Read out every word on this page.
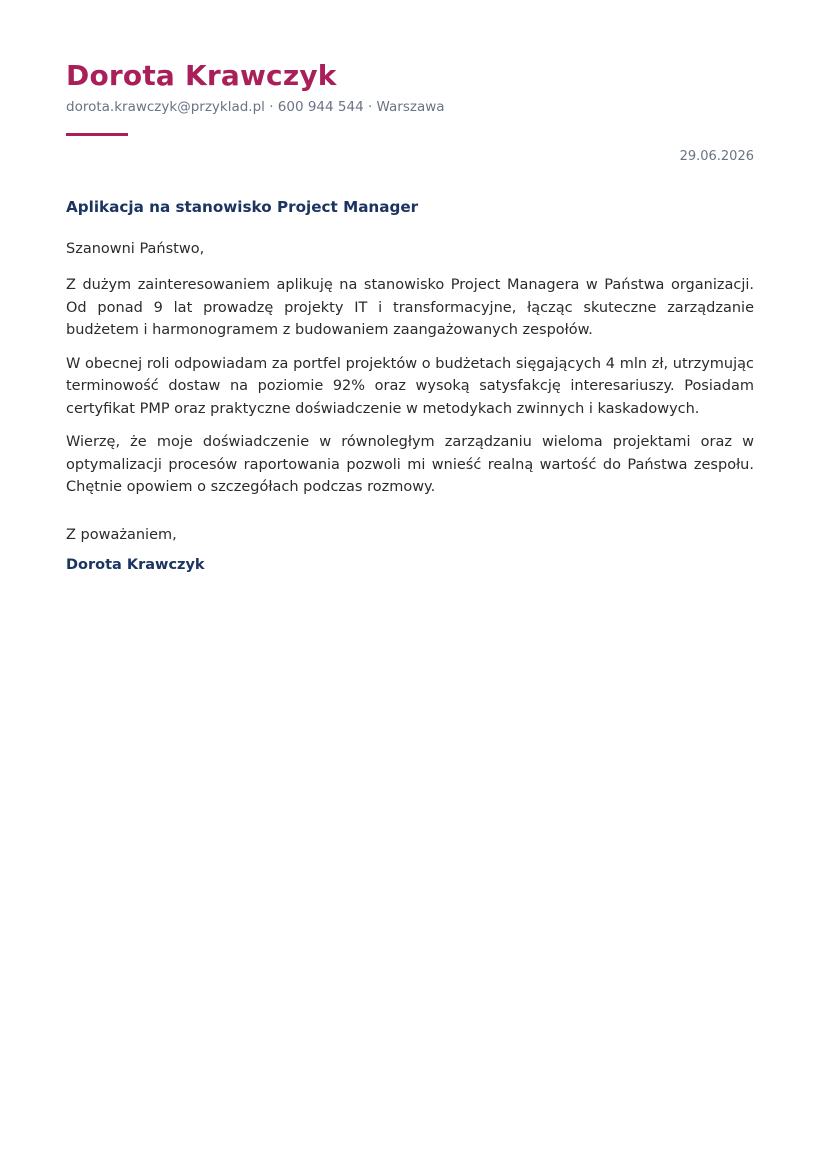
Dorota Krawczyk
dorota.krawczyk@przyklad.pl · 600 944 544 · Warszawa
29.06.2026
Aplikacja na stanowisko Project Manager
Szanowni Państwo,

Z dużym zainteresowaniem aplikuję na stanowisko Project Managera w Państwa organizacji. Od ponad 9 lat prowadzę projekty IT i transformacyjne, łącząc skuteczne zarządzanie budżetem i harmonogramem z budowaniem zaangażowanych zespołów.

W obecnej roli odpowiadam za portfel projektów o budżetach sięgających 4 mln zł, utrzymując terminowość dostaw na poziomie 92% oraz wysoką satysfakcję interesariuszy. Posiadam certyfikat PMP oraz praktyczne doświadczenie w metodykach zwinnych i kaskadowych.

Wierzę, że moje doświadczenie w równoległym zarządzaniu wieloma projektami oraz w optymalizacji procesów raportowania pozwoli mi wnieść realną wartość do Państwa zespołu. Chętnie opowiem o szczegółach podczas rozmowy.

Z poważaniem,
Dorota Krawczyk
